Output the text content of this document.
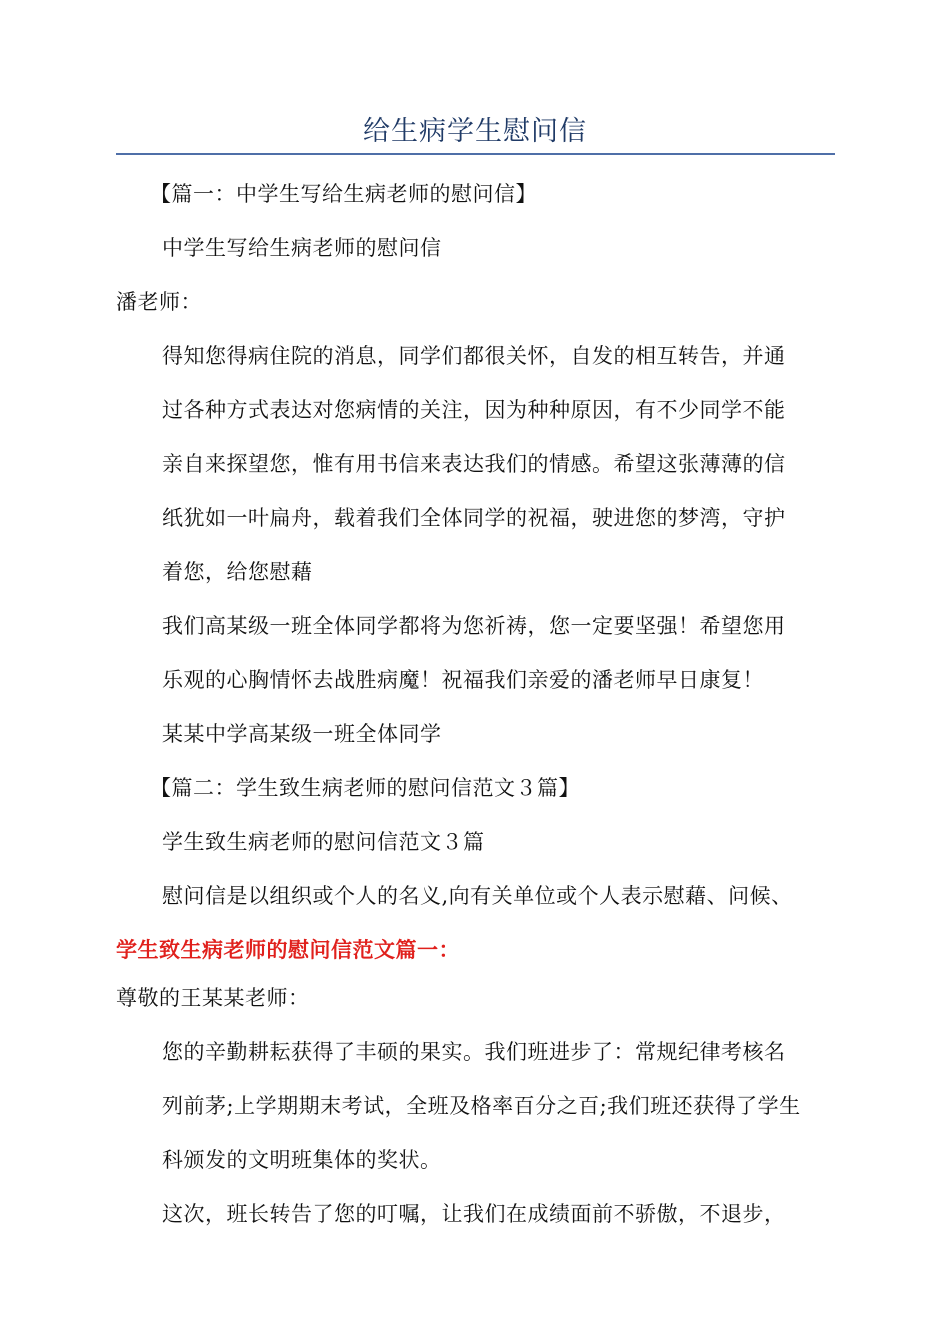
给生病学生慰问信
【篇一：中学生写给生病老师的慰问信】
中学生写给生病老师的慰问信
潘老师：
得知您得病住院的消息，同学们都很关怀，自发的相互转告，并通
过各种方式表达对您病情的关注，因为种种原因，有不少同学不能
亲自来探望您，惟有用书信来表达我们的情感。希望这张薄薄的信
纸犹如一叶扁舟，载着我们全体同学的祝福，驶进您的梦湾，守护
着您，给您慰藉
我们高某级一班全体同学都将为您祈祷，您一定要坚强！希望您用
乐观的心胸情怀去战胜病魔！祝福我们亲爱的潘老师早日康复！
某某中学高某级一班全体同学
【篇二：学生致生病老师的慰问信范文３篇】
学生致生病老师的慰问信范文３篇
慰问信是以组织或个人的名义,向有关单位或个人表示慰藉、问候、
学生致生病老师的慰问信范文篇一：
尊敬的王某某老师：
您的辛勤耕耘获得了丰硕的果实。我们班进步了：常规纪律考核名
列前茅;上学期期末考试，全班及格率百分之百;我们班还获得了学生
科颁发的文明班集体的奖状。
这次，班长转告了您的叮嘱，让我们在成绩面前不骄傲，不退步，
